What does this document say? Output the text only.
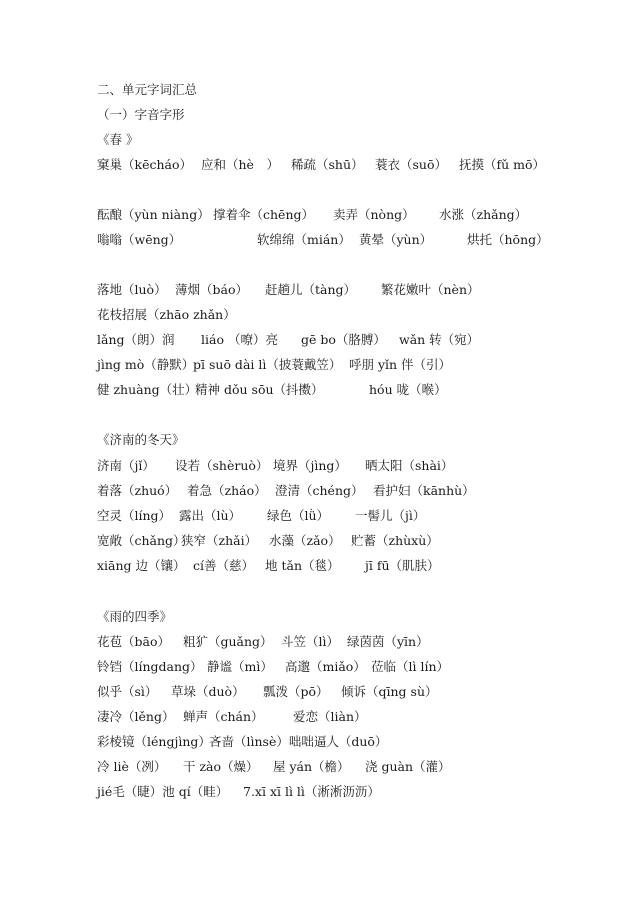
二、单元字词汇总
（一）字音字形
《春 》
窠巢（kēcháo） 应和（hè　） 稀疏（shū） 蓑衣（suō） 抚摸（fǔ mō）
酝酿（yùn niàng） 撑着伞（chēng） 卖弄（nòng） 水涨（zhǎng）
嗡嗡（wēng）	软绵绵（mián） 黄晕（yùn）	烘托（hōng）
落地（luò） 薄烟（báo） 赶趟儿（tàng） 繁花嫩叶（nèn）
花枝招展（zhāo zhǎn）
lǎng（朗）润 liáo （嘹）亮 gē bo（胳膊） wǎn 转（宛）
jìng mò（静默）
pī suō dài lì（披蓑戴笠） 呼朋 yǐn 伴（引）
健 zhuàng（壮）
精神 dǒu sōu（抖擞）	hóu 咙（喉）
《济南的冬天》
济南（jǐ） 设若（shèruò） 境界（jìng） 晒太阳（shài）
着落（zhuó） 着急（zháo） 澄清（chéng） 看护妇（kānhù）
空灵（líng） 露出（lù） 绿色（lǜ） 一髻儿（jì）
宽敞（chǎng）
狭窄（zhǎi） 水藻（zǎo） 贮蓄（zhùxù）
xiāng 边（镶） cí善（慈） 地 tǎn（毯） jī fū（肌肤）
《雨的四季》
花苞（bāo） 粗犷（guǎng） 斗笠（lì） 绿茵茵（yīn）
铃铛（língdang） 静谧（mì） 高邈（miǎo） 莅临（lì lín）
似乎（sì） 草垛（duò） 瓢泼（pō） 倾诉（qīng sù）
凄冷（lěng） 蝉声（chán） 爱恋（liàn）
彩棱镜（léngjìng）
吝啬（lìnsè）咄咄逼人（duō）
冷 liè（冽） 干 zào（燥） 屋 yán（檐） 浇 guàn（灌）
jié毛（睫）池 qí（畦） 7.xī xī lì lì（淅淅沥沥）
